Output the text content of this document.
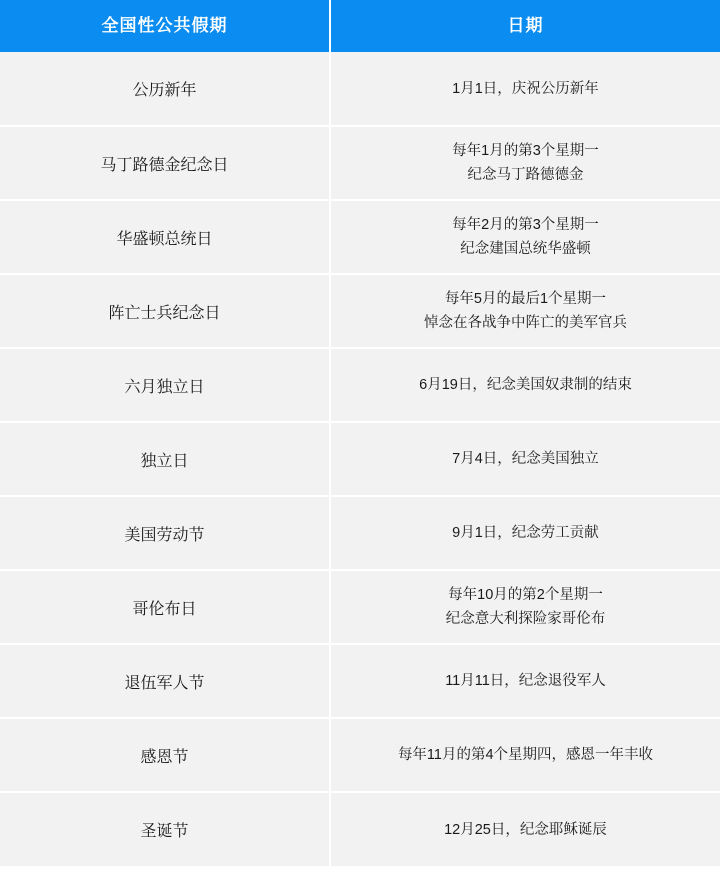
全国性公共假期	日期
公历新年	1月1日，庆祝公历新年

马丁路德金纪念日	每年1月的第3个星期一
纪念马丁路德德金

华盛顿总统日	每年2月的第3个星期一
纪念建国总统华盛顿

阵亡士兵纪念日	每年5月的最后1个星期一
悼念在各战争中阵亡的美军官兵

六月独立日	6月19日，纪念美国奴隶制的结束

独立日	7月4日，纪念美国独立

美国劳动节	9月1日，纪念劳工贡献

哥伦布日	每年10月的第2个星期一
纪念意大利探险家哥伦布

退伍军人节	11月11日，纪念退役军人

感恩节	每年11月的第4个星期四，感恩一年丰收

圣诞节	12月25日，纪念耶稣诞辰
